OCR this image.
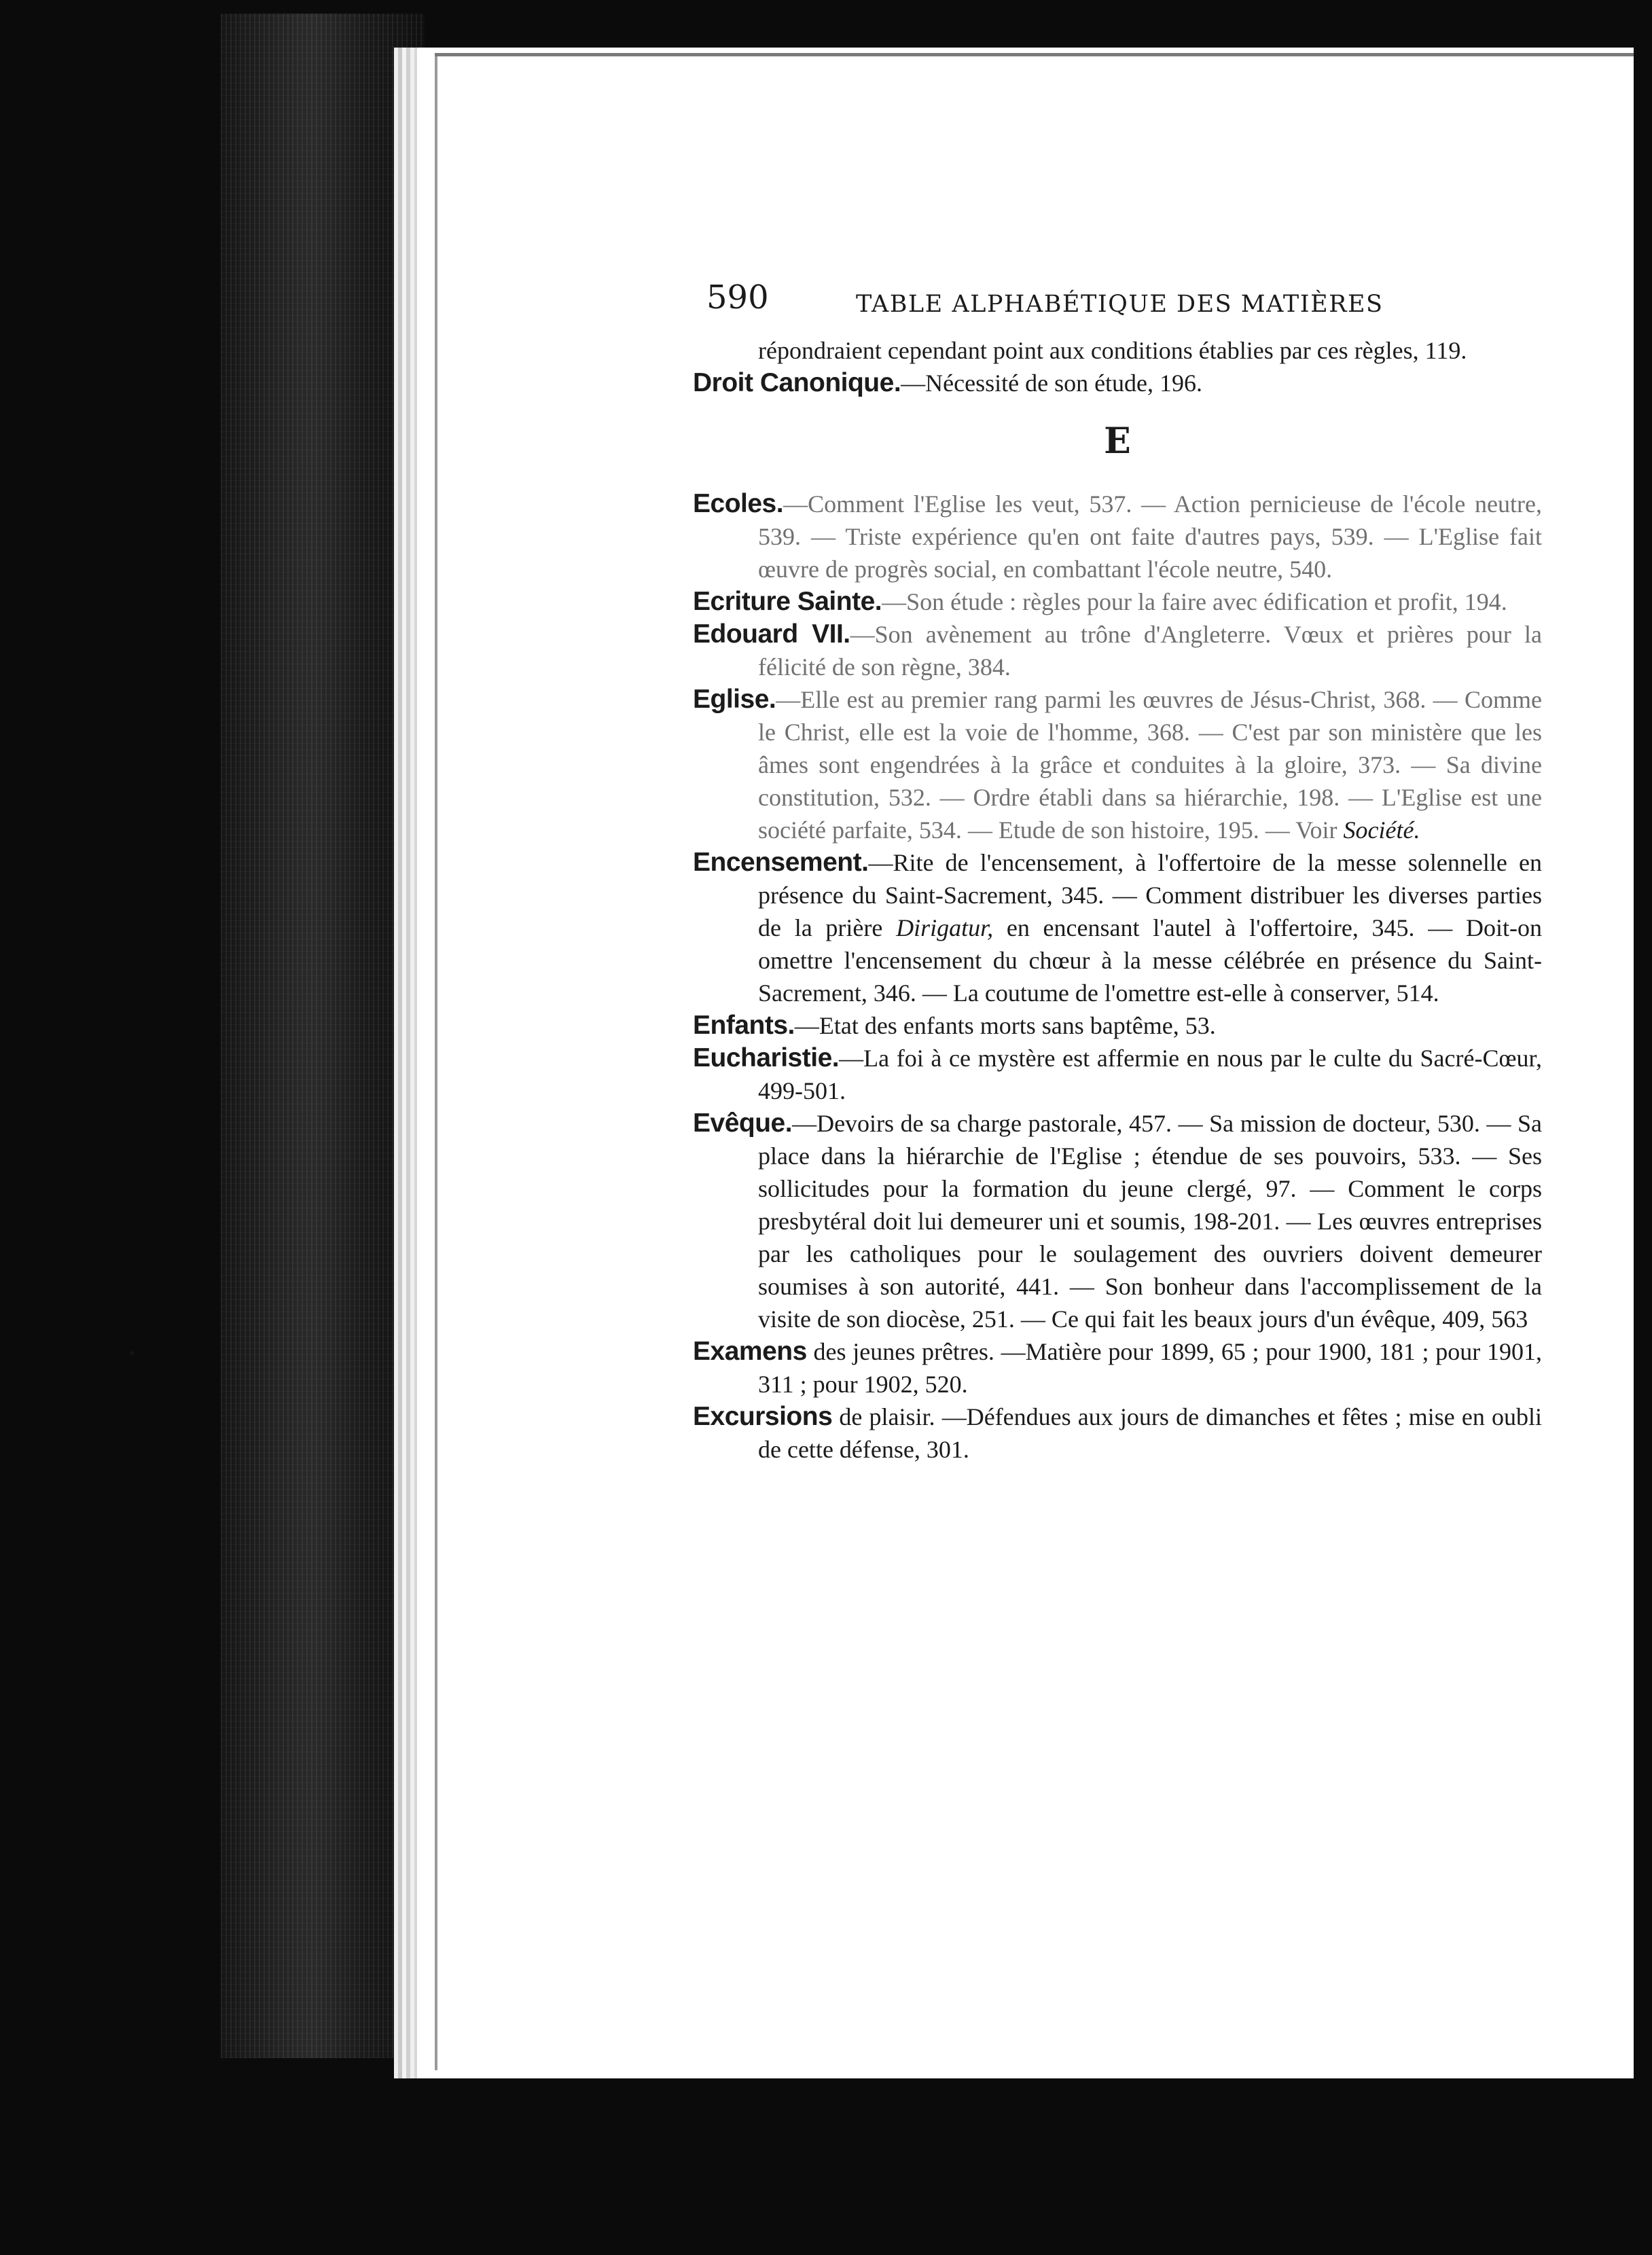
590	TABLE ALPHABÉTIQUE DES MATIÈRES

répondraient cependant point aux conditions établies par ces règles, 119.

Droit Canonique.—Nécessité de son étude, 196.

E

Ecoles.—Comment l'Eglise les veut, 537. — Action pernicieuse de l'école neutre, 539. — Triste expérience qu'en ont faite d'autres pays, 539. — L'Eglise fait œuvre de progrès social, en combattant l'école neutre, 540.

Ecriture Sainte.—Son étude : règles pour la faire avec édification et profit, 194.

Edouard VII.—Son avènement au trône d'Angleterre. Vœux et prières pour la félicité de son règne, 384.

Eglise.—Elle est au premier rang parmi les œuvres de Jésus-Christ, 368. — Comme le Christ, elle est la voie de l'homme, 368. — C'est par son ministère que les âmes sont engendrées à la grâce et conduites à la gloire, 373. — Sa divine constitution, 532. — Ordre établi dans sa hiérarchie, 198. — L'Eglise est une société parfaite, 534. — Etude de son histoire, 195. — Voir Société.

Encensement.—Rite de l'encensement, à l'offertoire de la messe solennelle en présence du Saint-Sacrement, 345. — Comment distribuer les diverses parties de la prière Dirigatur, en encensant l'autel à l'offertoire, 345. — Doit-on omettre l'encensement du chœur à la messe célébrée en présence du Saint-Sacrement, 346. — La coutume de l'omettre est-elle à conserver, 514.

Enfants.—Etat des enfants morts sans baptême, 53.

Eucharistie.—La foi à ce mystère est affermie en nous par le culte du Sacré-Cœur, 499-501.

Evêque.—Devoirs de sa charge pastorale, 457. — Sa mission de docteur, 530. — Sa place dans la hiérarchie de l'Eglise ; étendue de ses pouvoirs, 533. — Ses sollicitudes pour la formation du jeune clergé, 97. — Comment le corps presbytéral doit lui demeurer uni et soumis, 198-201. — Les œuvres entreprises par les catholiques pour le soulagement des ouvriers doivent demeurer soumises à son autorité, 441. — Son bonheur dans l'accomplissement de la visite de son diocèse, 251. — Ce qui fait les beaux jours d'un évêque, 409, 563

Examens des jeunes prêtres. —Matière pour 1899, 65 ; pour 1900, 181 ; pour 1901, 311 ; pour 1902, 520.

Excursions de plaisir. —Défendues aux jours de dimanches et fêtes ; mise en oubli de cette défense, 301.
